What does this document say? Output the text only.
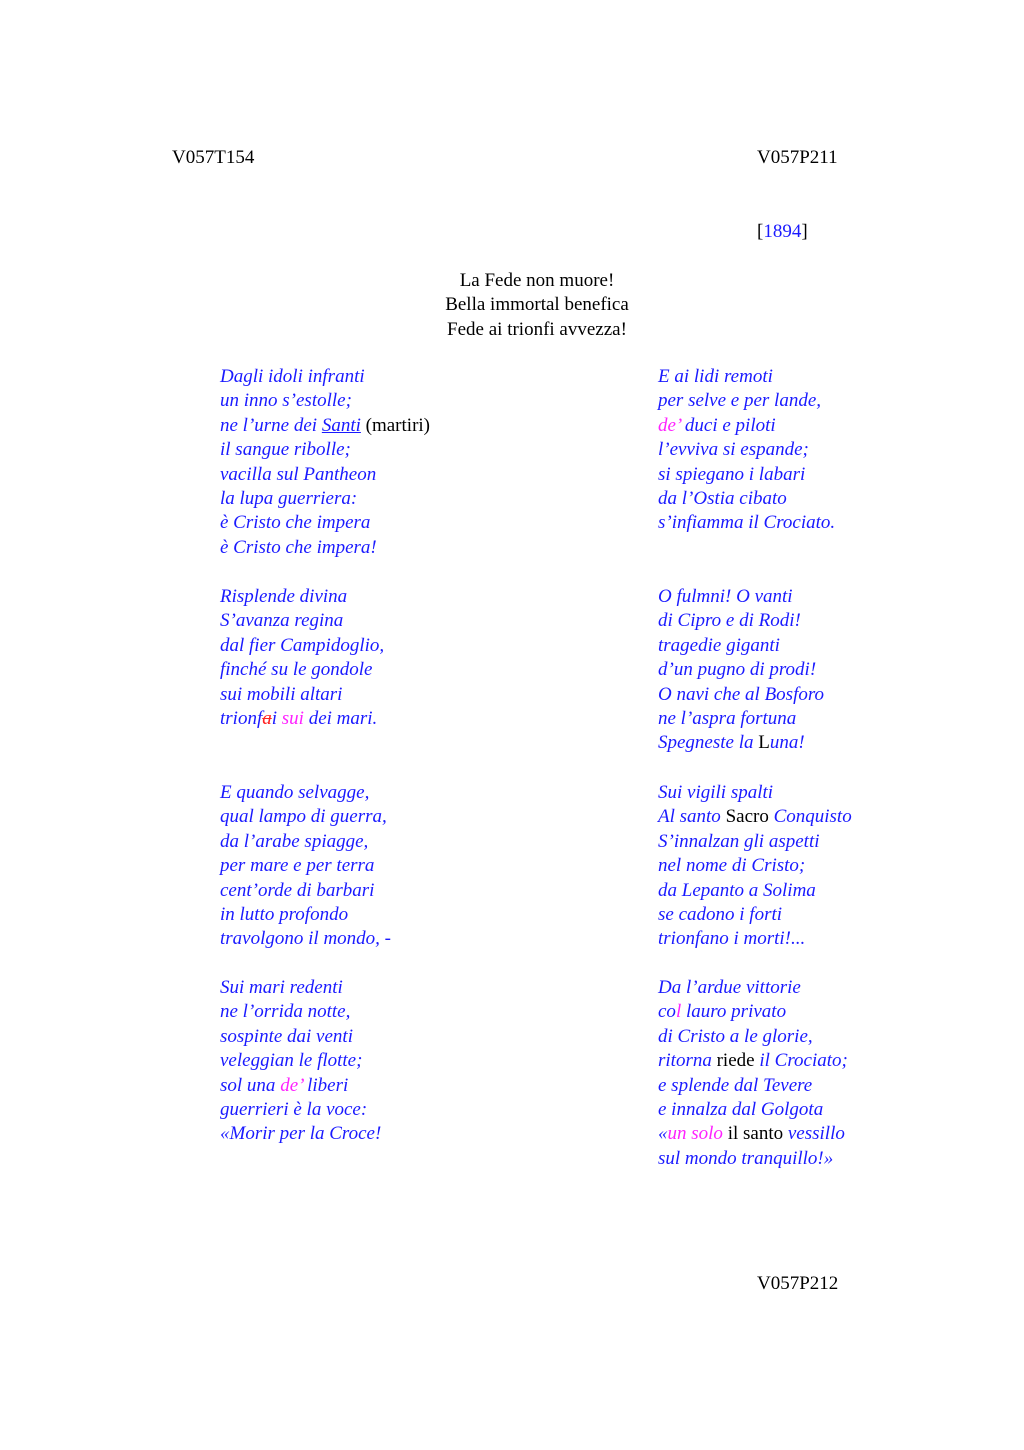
V057T154	V057P211
[1894]
La Fede non muore!
Bella immortal benefica
Fede ai trionfi avvezza!
Dagli idoli infranti
un inno s’estolle;
ne l’urne dei Santi (martiri)
il sangue ribolle;
vacilla sul Pantheon
la lupa guerriera:
è Cristo che impera
è Cristo che impera!
Risplende divina
S’avanza regina
dal fier Campidoglio,
finché su le gondole
sui mobili altari
trionfai sui dei mari.
E quando selvagge,
qual lampo di guerra,
da l’arabe spiagge,
per mare e per terra
cent’orde di barbari
in lutto profondo
travolgono il mondo, -
Sui mari redenti
ne l’orrida notte,
sospinte dai venti
veleggian le flotte;
sol una de’ liberi
guerrieri è la voce:
«Morir per la Croce!
E ai lidi remoti
per selve e per lande,
de’ duci e piloti
l’evviva si espande;
si spiegano i labari
da l’Ostia cibato
s’infiamma il Crociato.
O fulmni! O vanti
di Cipro e di Rodi!
tragedie giganti
d’un pugno di prodi!
O navi che al Bosforo
ne l’aspra fortuna
Spegneste la Luna!
Sui vigili spalti
Al santo Sacro Conquisto
S’innalzan gli aspetti
nel nome di Cristo;
da Lepanto a Solima
se cadono i forti
trionfano i morti!...
Da l’ardue vittorie
col lauro privato
di Cristo a le glorie,
ritorna riede il Crociato;
e splende dal Tevere
e innalza dal Golgota
«un solo il santo vessillo
sul mondo tranquillo!»
V057P212
